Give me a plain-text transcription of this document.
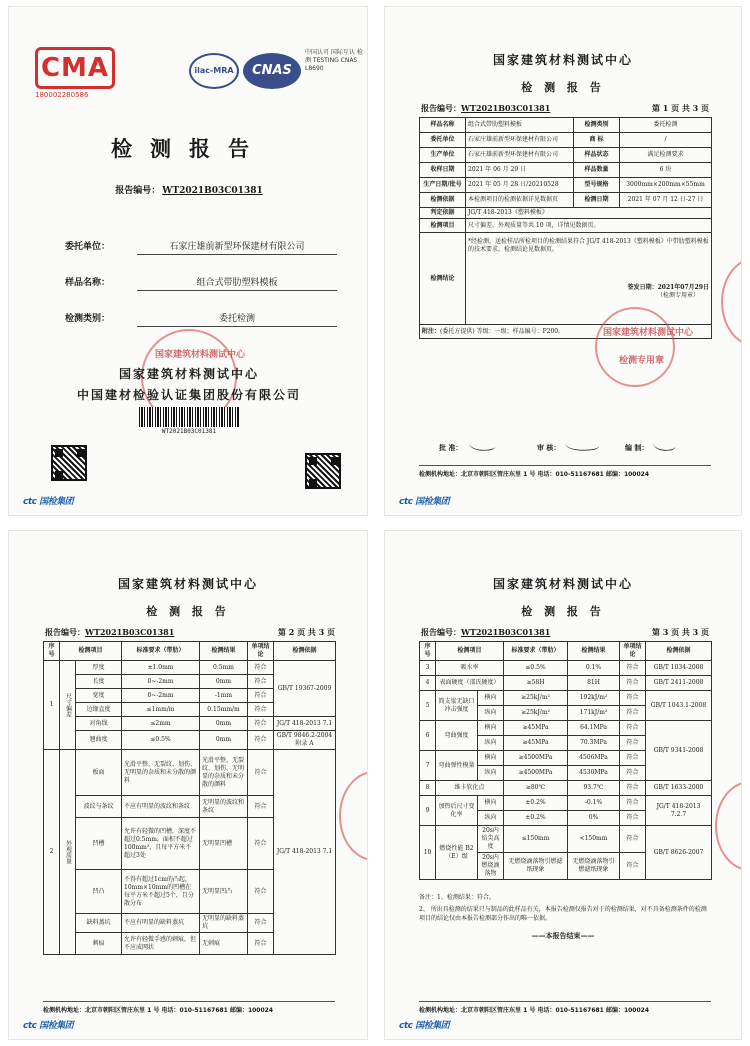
CMA
180002280586
ilac-MRA	CNAS
中国认可 国际互认 检测 TESTING CNAS L8690
检测报告
报告编号： WT2021B03C01381
委托单位：	石家庄雄前新型环保建材有限公司
样品名称：	组合式带肋塑料模板
检测类别：	委托检测
国家建筑材料测试中心
国家建筑材料测试中心
中国建材检验认证集团股份有限公司
WT2021B03C01381
ctc 国检集团
国家建筑材料测试中心
检 测 报 告
报告编号：WT2021B03C01381	第 1 页 共 3 页
样品名称	组合式带肋塑料模板	检测类别	委托检测
委托单位	石家庄雄前新型环保建材有限公司	商 标	/
生产单位	石家庄雄前新型环保建材有限公司	样品状态	满足检测要求
收样日期	2021 年 06 月 29 日	样品数量	6 块
生产日期/批号	2021 年 05 月 28 日/20210528	型号规格	3000mm×200mm×55mm
检测依据	本检测项目的检测依据详见数据页	检测日期	2021 年 07 月 12 日-27 日
判定依据	JG/T 418-2013《塑料模板》		
检测项目	尺寸偏差、外观质量等共 10 项，详情见数据页。		
检测结论	*经检测，送检样品所检项目的检测结果符合 JG/T 418-2013《塑料模板》中带肋塑料模板的技术要求，检测结论见数据页。
签发日期：2021年07月29日
（检测专用章）		

附注：(委托方提供) 等级：一级；样品编号：P200。				国家建筑材料测试中心
检测专用章
批 准：	审 核：	编 制：
检测机构地址：北京市朝阳区管庄东里 1 号 电话：010-51167681 邮编：100024
ctc 国检集团
国家建筑材料测试中心
检 测 报 告
报告编号：WT2021B03C01381	第 2 页 共 3 页
序号	检测项目		标准要求（带肋）	检测结果	单项结论	检测依据
1	尺寸偏差	厚度	±1.0mm	0.5mm	符合	GB/T 19367-2009
		长度	0~-2mm	0mm	符合	
		宽度	0~-2mm	-1mm	符合	
		边缘直度	≤1mm/m	0.15mm/m	符合	
		对角线	≤2mm	0mm	符合	JG/T 418-2013 7.1
		翘曲度	≤0.5%	0mm	符合	GB/T 9846.2-2004 附录 A
2	外观质量	板面	光滑平整、无裂纹、划伤、无明显的杂质和未分散的颜料	光滑平整、无裂纹、划伤、无明显的杂质和未分散的颜料	符合	JG/T 418-2013 7.1
		波纹与条纹	不应有明显的波纹和条纹	无明显的波纹和条纹	符合	
		凹槽	允许有轻微的凹槽，深度不超过0.5mm，面积不超过100mm²，且每平方米不超过3处	无明显凹槽	符合	
		凹凸	不得有超过1cm的凸起，10mm×10mm的凹槽在每平方米不超过5个，且分散分布	无明显凹凸	符合	
		缺料蒸坑	不应有明显的缺料蒸坑	无明显的缺料蒸坑	符合	
		刺痕	允许有轻微手感的刺痕，但不应成网状	无刺痕	符合	
检测机构地址：北京市朝阳区管庄东里 1 号 电话：010-51167681 邮编：100024
ctc 国检集团
国家建筑材料测试中心
检 测 报 告
报告编号：WT2021B03C01381	第 3 页 共 3 页
序号	检测项目		标准要求（带肋）	检测结果	单项结论	检测依据
3	吸水率		≤0.5%	0.1%	符合	GB/T 1034-2008
4	表面硬度（邵氏硬度）		≥58H	81H	符合	GB/T 2411-2008
5	简支梁无缺口冲击强度	横向	≥25kJ/m²	192kJ/m²	符合	GB/T 1043.1-2008
		纵向	≥25kJ/m²	171kJ/m²	符合	
6	弯曲强度	横向	≥45MPa	64.1MPa	符合	GB/T 9341-2008
		纵向	≥45MPa	70.3MPa	符合	
7	弯曲弹性模量	横向	≥4500MPa	4506MPa	符合	
		纵向	≥4500MPa	4530MPa	符合	
8	维卡软化点		≥80℃	93.7℃	符合	GB/T 1633-2000
9	加热后尺寸变化率	横向	±0.2%	-0.1%	符合	JG/T 418-2013 7.2.7
		纵向	±0.2%	0%	符合	
10	燃烧性能 B2（E）级	20s内焰尖高度	≤150mm	<150mm	符合	GB/T 8626-2007
		20s内燃烧滴落物	无燃烧滴落物引燃滤纸现象	无燃烧滴落物引燃滤纸现象	符合	
备注：1、检测结果：符合。
2、 所出具检测的结果只与制品的此样品有关，本报告检测仅报告对于的检测结果，对不具备检测条件的检测项目的结论仅由本报告检测部分作出的唯一依据。
——本报告结束——
检测机构地址：北京市朝阳区管庄东里 1 号 电话：010-51167681 邮编：100024
ctc 国检集团
